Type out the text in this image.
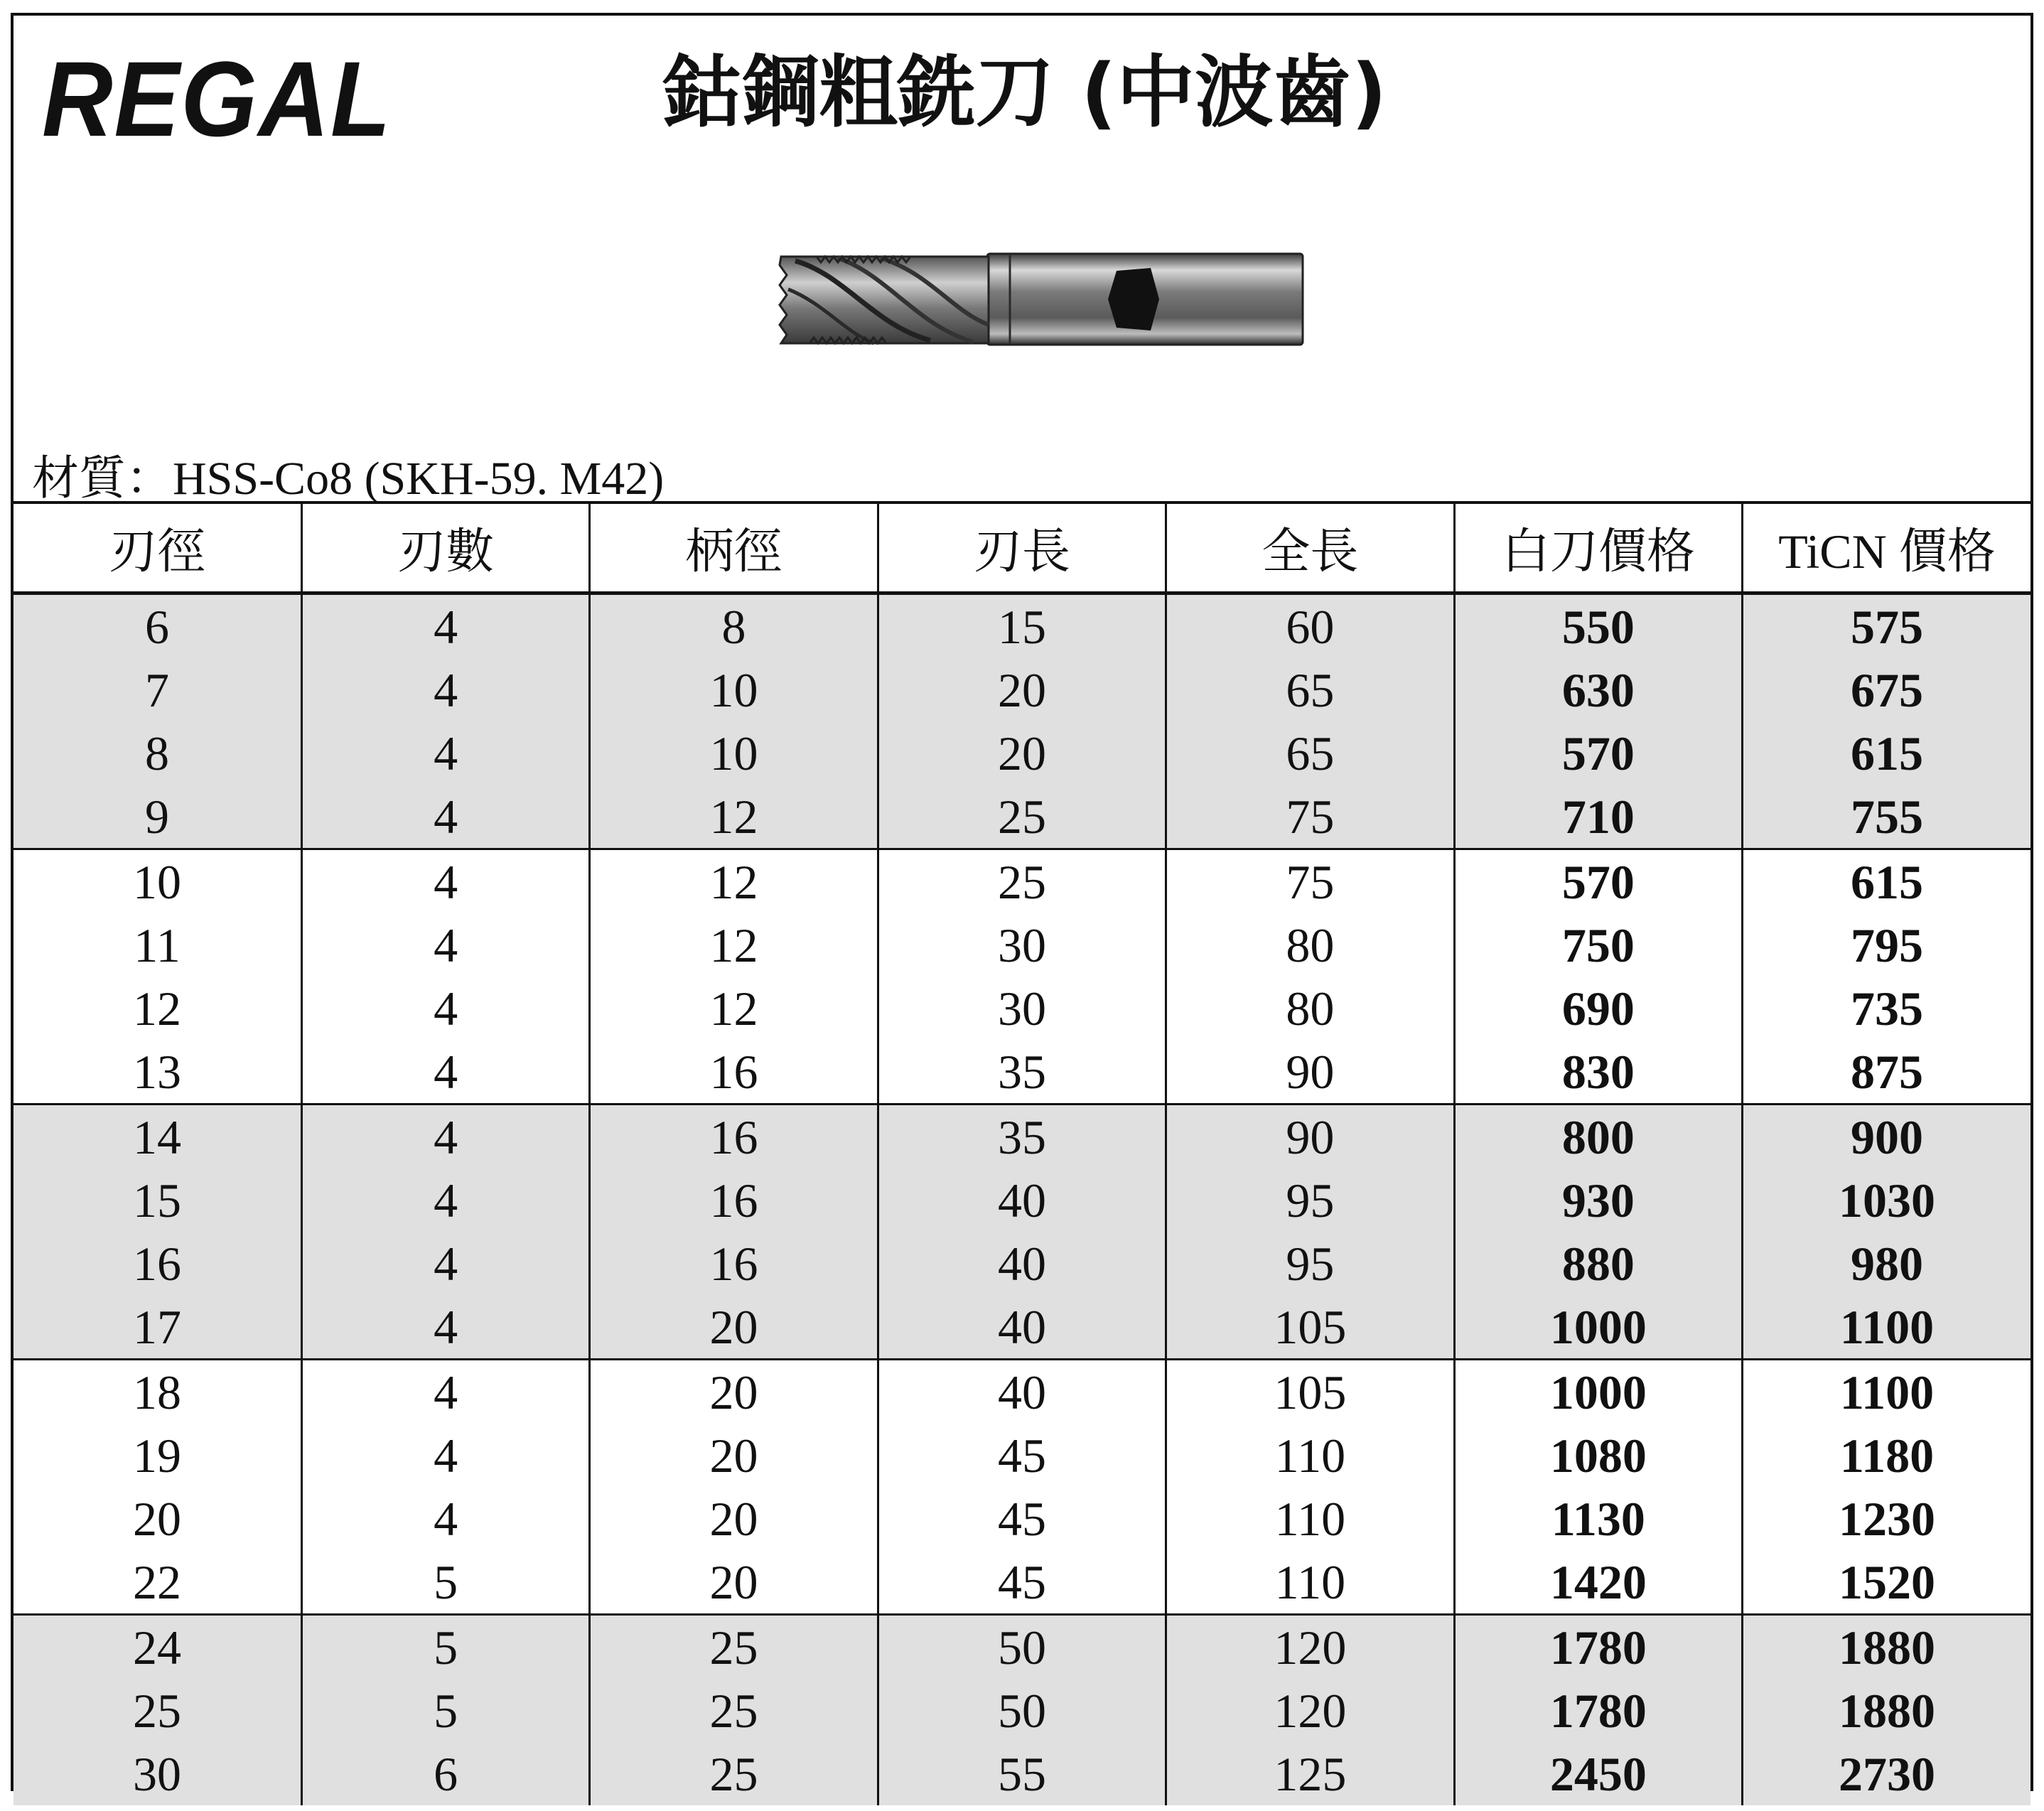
REGAL	鈷鋼粗銑刀 (中波齒)
材質：HSS-Co8 (SKH-59. M42)
刃徑	刃數	柄徑	刃長	全長	白刀價格	TiCN 價格
6	4	8	15	60	550	575
7	4	10	20	65	630	675
8	4	10	20	65	570	615
9	4	12	25	75	710	755
10	4	12	25	75	570	615
11	4	12	30	80	750	795
12	4	12	30	80	690	735
13	4	16	35	90	830	875
14	4	16	35	90	800	900
15	4	16	40	95	930	1030
16	4	16	40	95	880	980
17	4	20	40	105	1000	1100
18	4	20	40	105	1000	1100
19	4	20	45	110	1080	1180
20	4	20	45	110	1130	1230
22	5	20	45	110	1420	1520
24	5	25	50	120	1780	1880
25	5	25	50	120	1780	1880
30	6	25	55	125	2450	2730
